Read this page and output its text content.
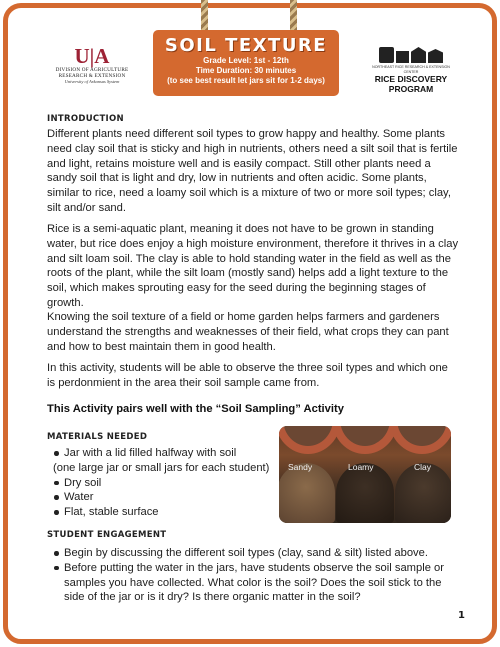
SOIL TEXTURE
Grade Level: 1st - 12th
Time Duration: 30 minutes
(to see best result let jars sit for 1-2 days)
U|A
DIVISION OF AGRICULTURE
RESEARCH & EXTENSION
University of Arkansas System
NORTHEAST RICE RESEARCH & EXTENSION CENTER
RICE DISCOVERY
PROGRAM
INTRODUCTION

Different plants need different soil types to grow happy and healthy. Some plants need clay soil that is sticky and high in nutrients, others need a silt soil that is fertile and light, retains moisture well and is easily compact. Still other plants need a sandy soil that is light and dry, low in nutrients and often acidic. Some plants, similar to rice, need a loamy soil which is a mixture of two or more soil types; clay, silt and/or sand.

Rice is a semi-aquatic plant, meaning it does not have to be grown in standing water, but rice does enjoy a high moisture environment, therefore it thrives in a clay and silt loam soil. The clay is able to hold standing water in the field as well as the roots of the plant, while the silt loam (mostly sand) helps add a light texture to the soil, which makes sprouting easy for the seed during the beginning stages of growth.

Knowing the soil texture of a field or home garden helps farmers and gardeners understand the strengths and weaknesses of their field, what crops they can pant and how to best maintain them in good health.

In this activity, students will be able to observe the three soil types and which one is perdonmient in the area their soil sample came from.

This Activity pairs well with the “Soil Sampling” Activity
MATERIALS NEEDED
Jar with a lid filled halfway with soil
(one large jar or small jars for each student)
Dry soil
Water
Flat, stable surface
Sandy	Loamy	Clay
STUDENT ENGAGEMENT
Begin by discussing the different soil types (clay, sand & silt) listed above.
Before putting the water in the jars, have students observe the soil sample or samples you have collected. What color is the soil? Does the soil stick to the side of the jar or is it dry? Is there organic matter in the soil?
1
